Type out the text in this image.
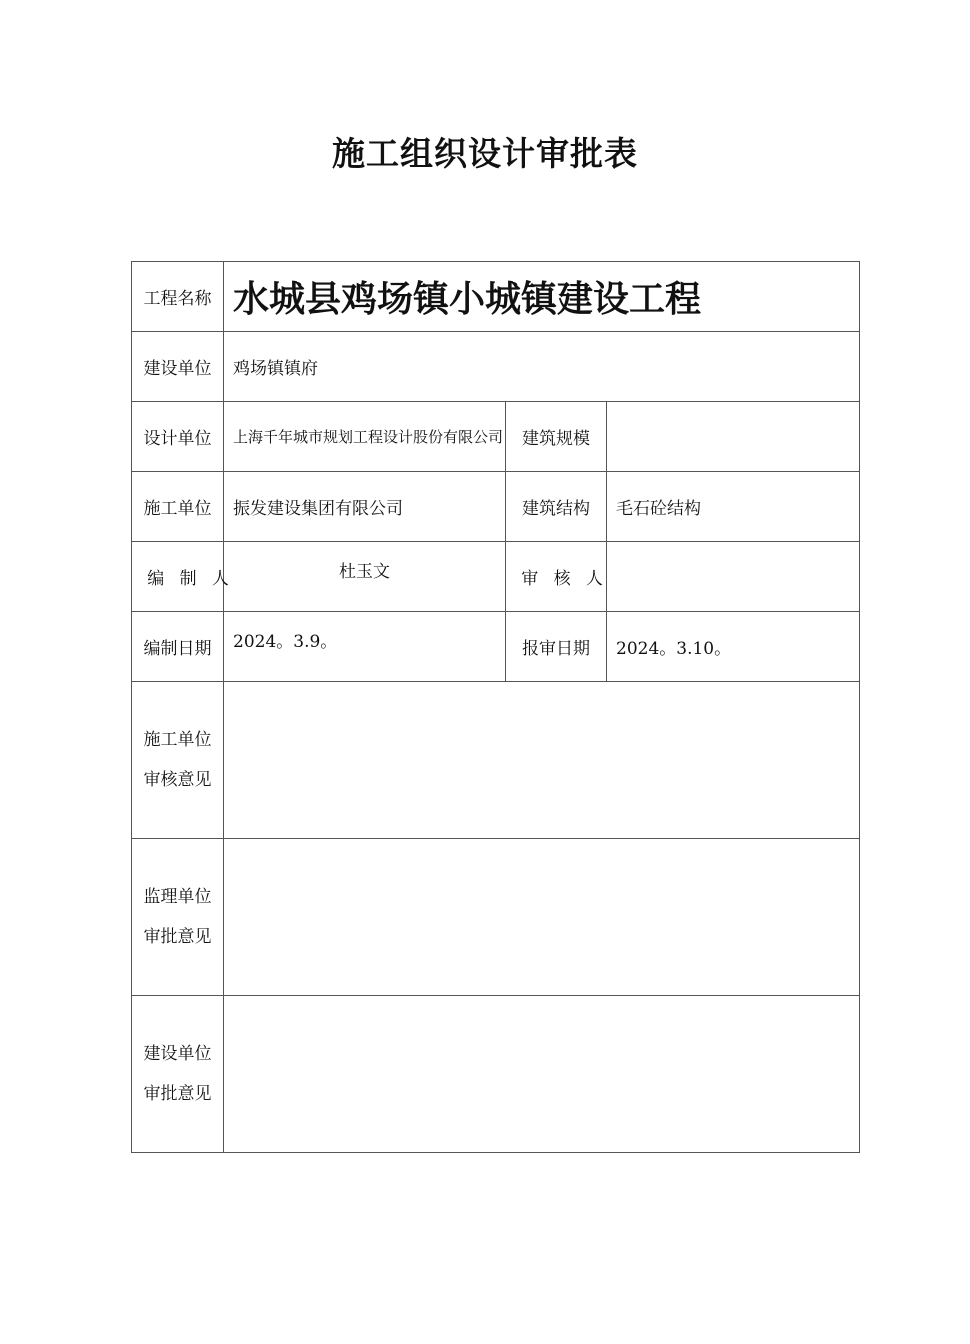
施工组织设计审批表
工程名称	水城县鸡场镇小城镇建设工程		
建设单位	鸡场镇镇府		
设计单位	上海千年城市规划工程设计股份有限公司	建筑规模	
施工单位	振发建设集团有限公司	建筑结构	毛石砼结构
编制人	杜玉文	审核人	
编制日期	2024。3.9。	报审日期	2024。3.10。

施工单位
审核意见			

监理单位
审批意见			

建设单位
审批意见			
